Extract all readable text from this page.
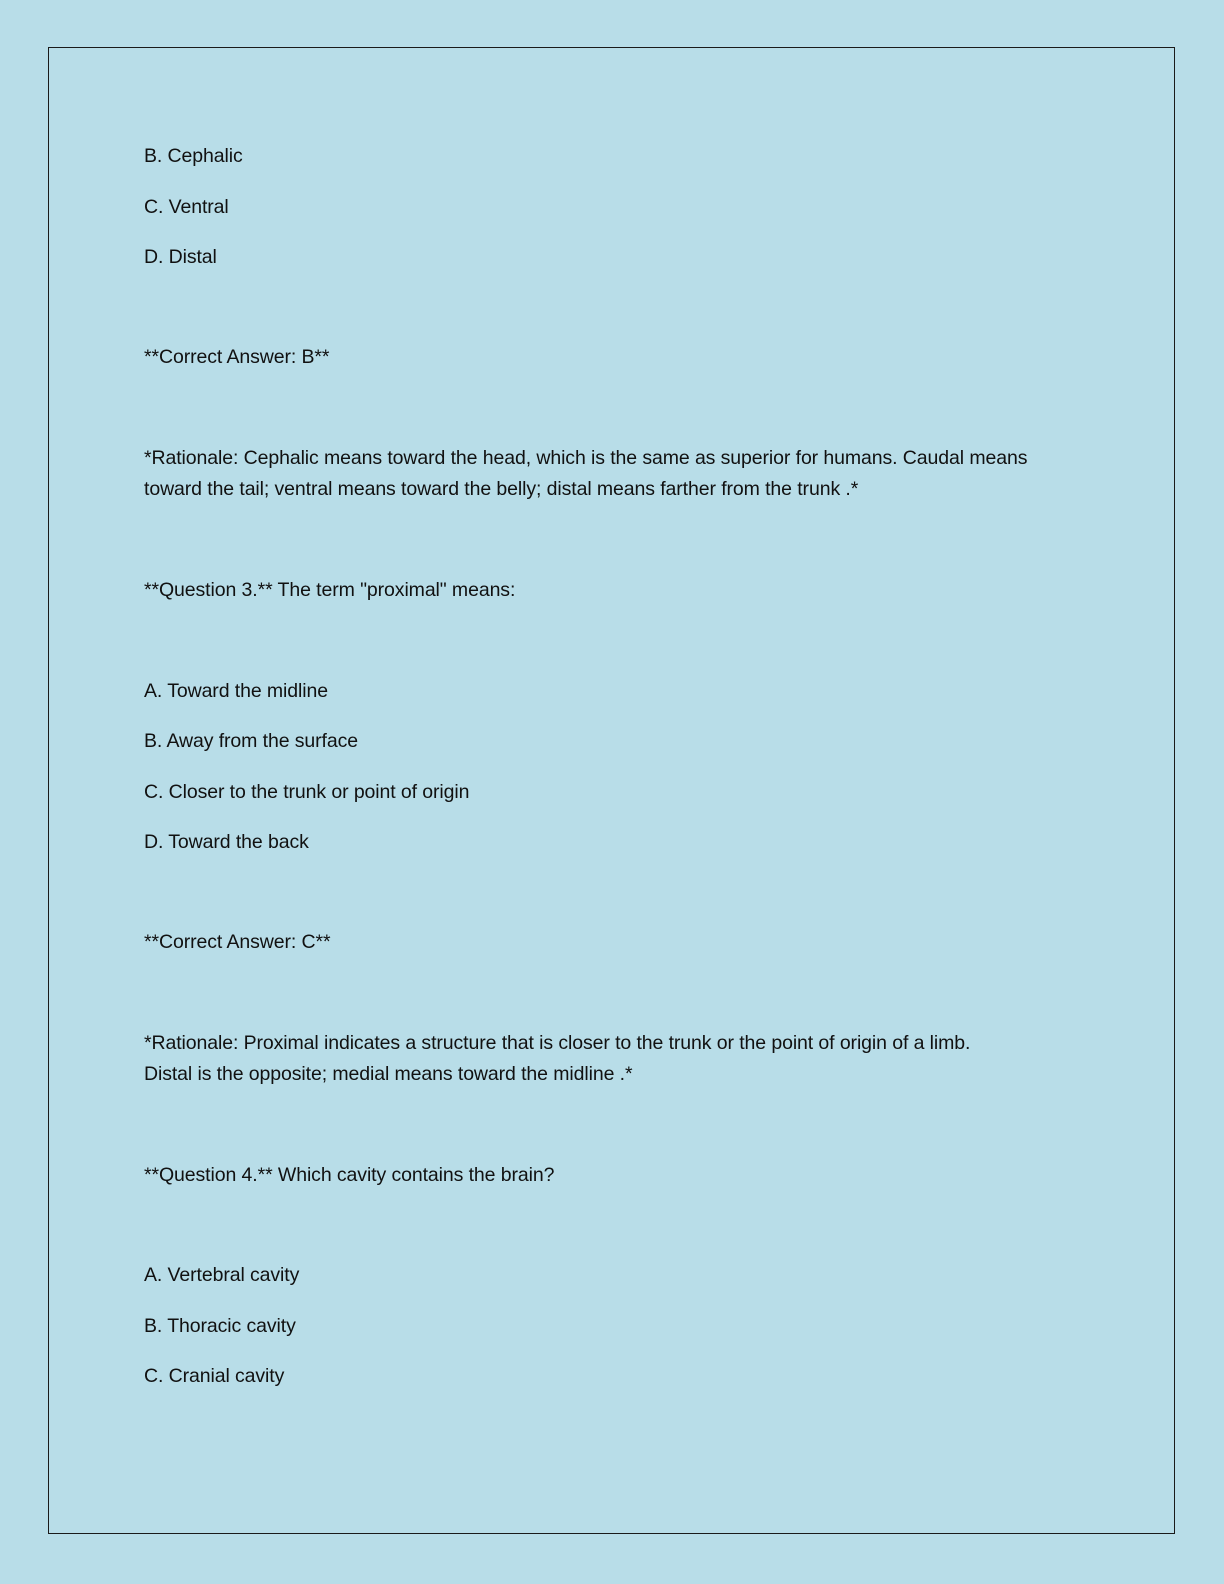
B. Cephalic

C. Ventral

D. Distal

**Correct Answer: B**

*Rationale: Cephalic means toward the head, which is the same as superior for humans. Caudal means

toward the tail; ventral means toward the belly; distal means farther from the trunk .*

**Question 3.** The term "proximal" means:

A. Toward the midline

B. Away from the surface

C. Closer to the trunk or point of origin

D. Toward the back

**Correct Answer: C**

*Rationale: Proximal indicates a structure that is closer to the trunk or the point of origin of a limb.

Distal is the opposite; medial means toward the midline .*

**Question 4.** Which cavity contains the brain?

A. Vertebral cavity

B. Thoracic cavity

C. Cranial cavity
